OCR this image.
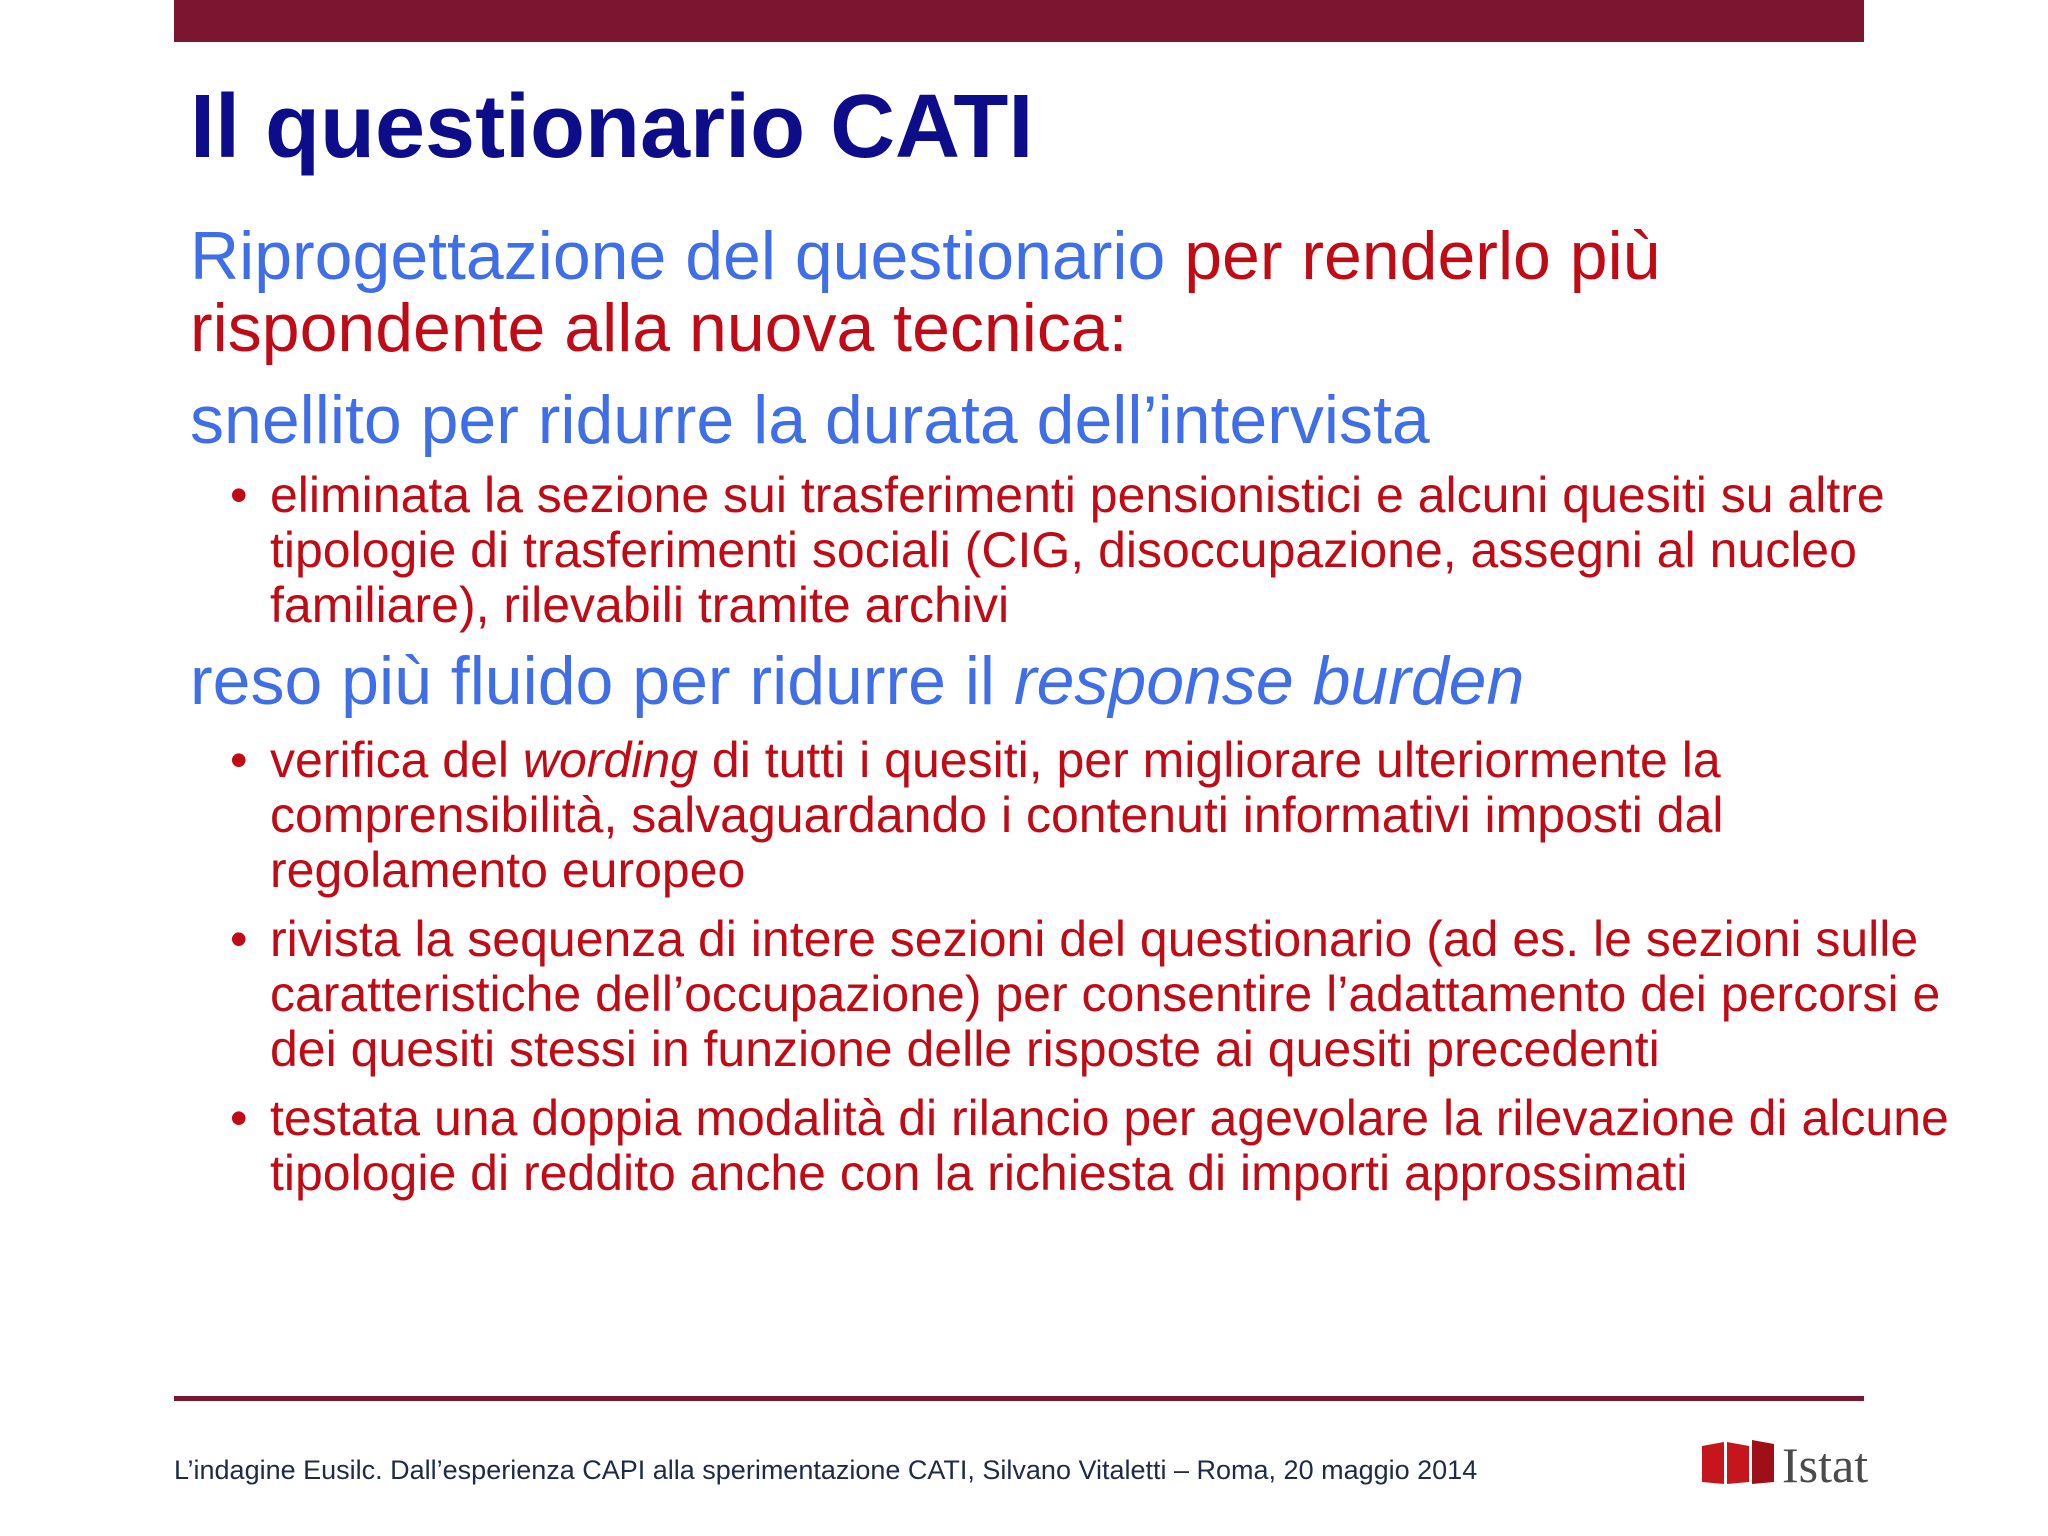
Il questionario CATI

Riprogettazione del questionario per renderlo più rispondente alla nuova tecnica:

snellito per ridurre la durata dell’intervista

• eliminata la sezione sui trasferimenti pensionistici e alcuni quesiti su altre tipologie di trasferimenti sociali (CIG, disoccupazione, assegni al nucleo familiare), rilevabili tramite archivi

reso più fluido per ridurre il response burden

• verifica del wording di tutti i quesiti, per migliorare ulteriormente la comprensibilità, salvaguardando i contenuti informativi imposti dal regolamento europeo
• rivista la sequenza di intere sezioni del questionario (ad es. le sezioni sulle caratteristiche dell’occupazione) per consentire l’adattamento dei percorsi e dei quesiti stessi in funzione delle risposte ai quesiti precedenti
• testata una doppia modalità di rilancio per agevolare la rilevazione di alcune tipologie di reddito anche con la richiesta di importi approssimati
L’indagine Eusilc. Dall’esperienza CAPI alla sperimentazione CATI, Silvano Vitaletti – Roma, 20 maggio 2014	Istat
